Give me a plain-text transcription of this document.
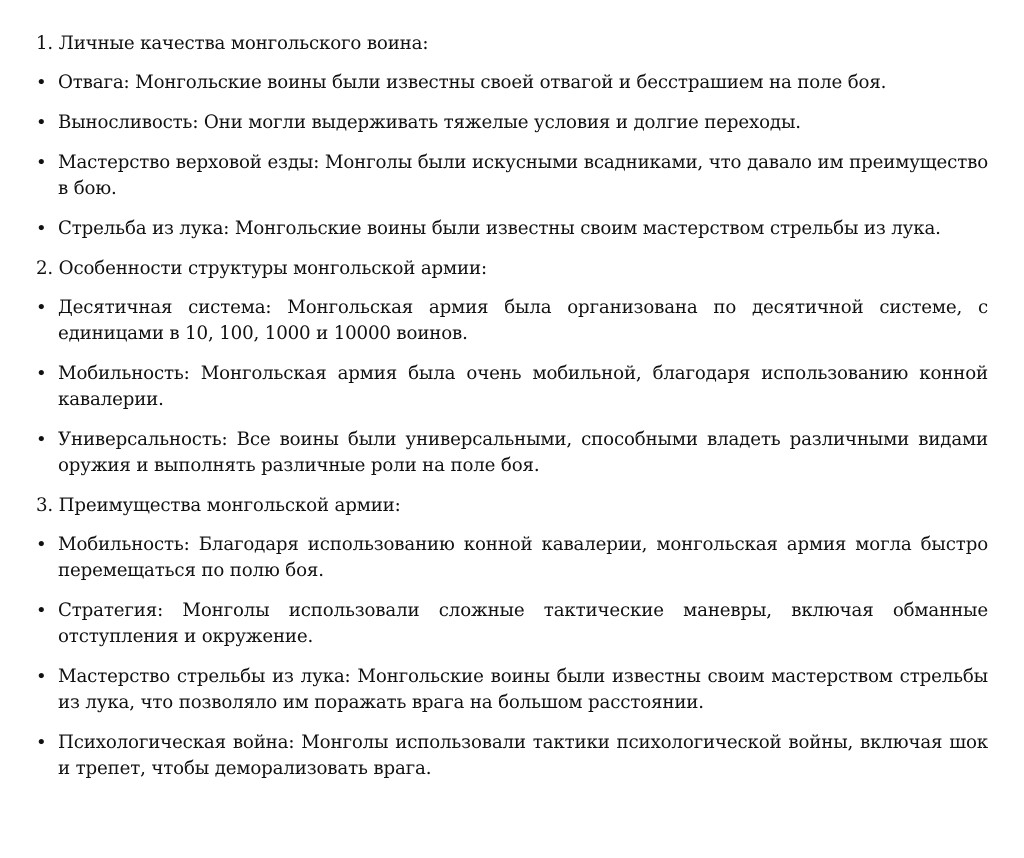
1. Личные качества монгольского воина:
• Отвага: Монгольские воины были известны своей отвагой и бесстрашием на поле боя.
• Выносливость: Они могли выдерживать тяжелые условия и долгие переходы.
• Мастерство верховой езды: Монголы были искусными всадниками, что давало им преимущество в бою.
• Стрельба из лука: Монгольские воины были известны своим мастерством стрельбы из лука.
2. Особенности структуры монгольской армии:
• Десятичная система: Монгольская армия была организована по десятичной системе, с единицами в 10, 100, 1000 и 10000 воинов.
• Мобильность: Монгольская армия была очень мобильной, благодаря использованию конной кавалерии.
• Универсальность: Все воины были универсальными, способными владеть различными видами оружия и выполнять различные роли на поле боя.
3. Преимущества монгольской армии:
• Мобильность: Благодаря использованию конной кавалерии, монгольская армия могла быстро перемещаться по полю боя.
• Стратегия: Монголы использовали сложные тактические маневры, включая обманные отступления и окружение.
• Мастерство стрельбы из лука: Монгольские воины были известны своим мастерством стрельбы из лука, что позволяло им поражать врага на большом расстоянии.
• Психологическая война: Монголы использовали тактики психологической войны, включая шок и трепет, чтобы деморализовать врага.
